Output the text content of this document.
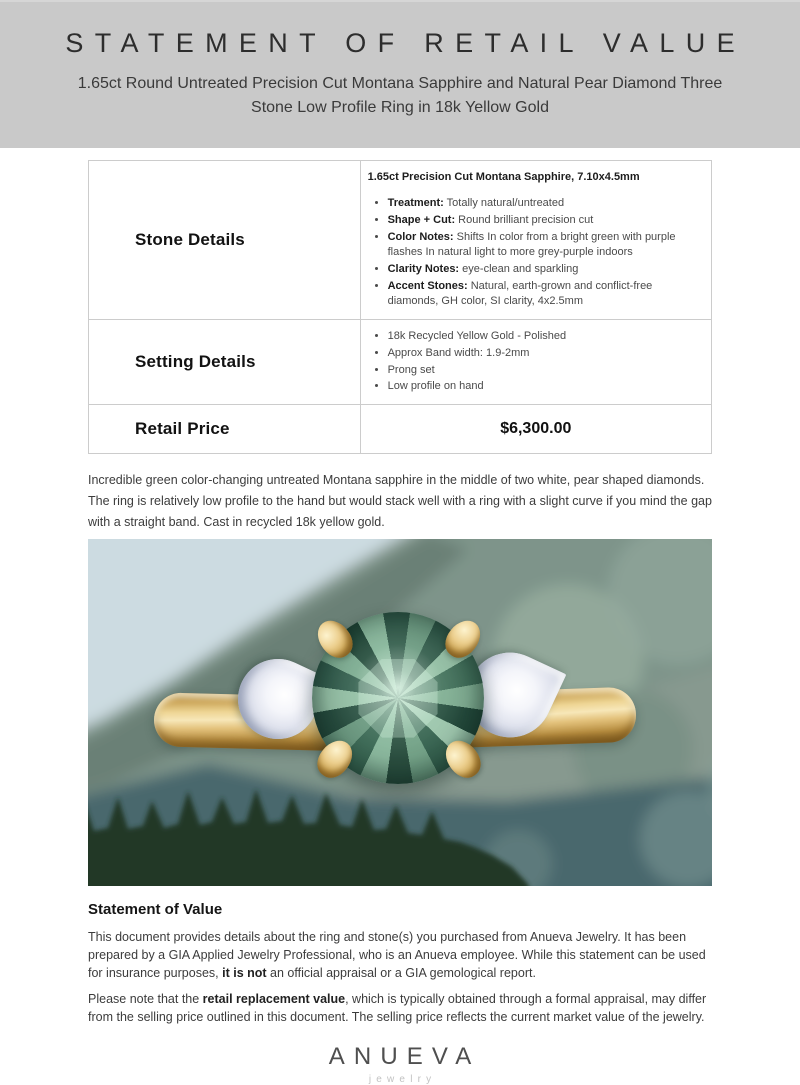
STATEMENT OF RETAIL VALUE

1.65ct Round Untreated Precision Cut Montana Sapphire and Natural Pear Diamond Three Stone Low Profile Ring in 18k Yellow Gold

Stone Details	

1.65ct Precision Cut Montana Sapphire, 7.10x4.5mm

• Treatment: Totally natural/untreated
• Shape + Cut: Round brilliant precision cut
• Color Notes: Shifts In color from a bright green with purple flashes In natural light to more grey-purple indoors
• Clarity Notes: eye-clean and sparkling
• Accent Stones: Natural, earth-grown and conflict-free diamonds, GH color, SI clarity, 4x2.5mm

Setting Details	
• 18k Recycled Yellow Gold - Polished
• Approx Band width: 1.9-2mm
• Prong set
• Low profile on hand

Retail Price	$6,300.00

Incredible green color-changing untreated Montana sapphire in the middle of two white, pear shaped diamonds. The ring is relatively low profile to the hand but would stack well with a ring with a slight curve if you mind the gap with a straight band. Cast in recycled 18k yellow gold.

Statement of Value

This document provides details about the ring and stone(s) you purchased from Anueva Jewelry. It has been prepared by a GIA Applied Jewelry Professional, who is an Anueva employee. While this statement can be used for insurance purposes, it is not an official appraisal or a GIA gemological report.

Please note that the retail replacement value, which is typically obtained through a formal appraisal, may differ from the selling price outlined in this document. The selling price reflects the current market value of the jewelry.

ANUEVA
jewelry
